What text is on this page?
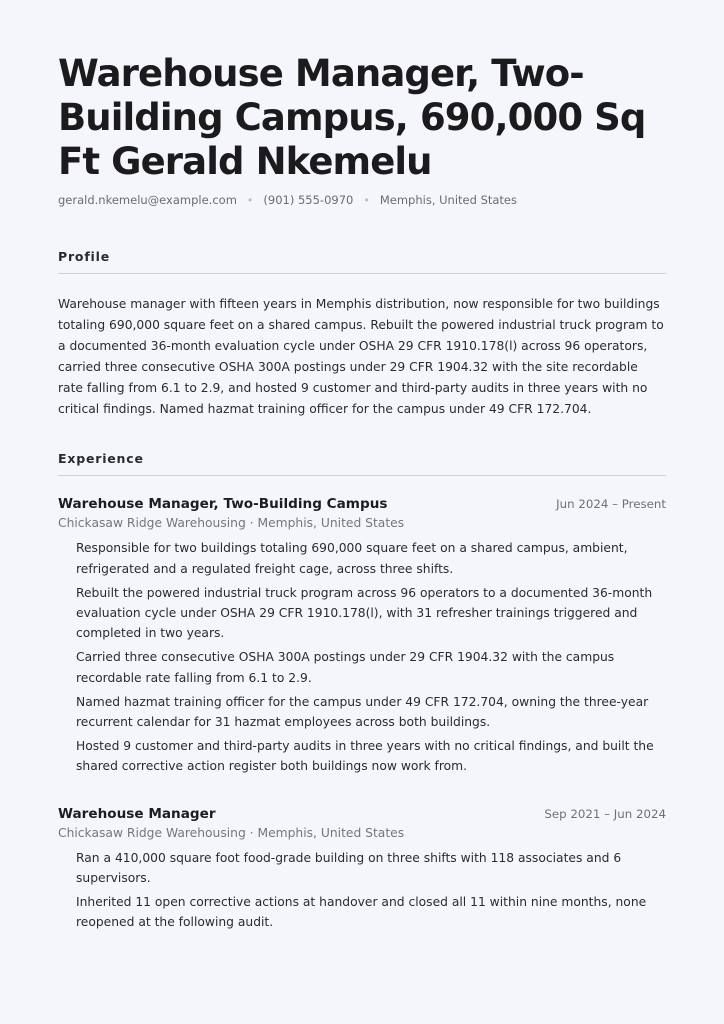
Warehouse Manager, Two-Building Campus, 690,000 Sq Ft Gerald Nkemelu
gerald.nkemelu@example.com • (901) 555-0970 • Memphis, United States
Profile
Warehouse manager with fifteen years in Memphis distribution, now responsible for two buildings totaling 690,000 square feet on a shared campus. Rebuilt the powered industrial truck program to a documented 36-month evaluation cycle under OSHA 29 CFR 1910.178(l) across 96 operators, carried three consecutive OSHA 300A postings under 29 CFR 1904.32 with the site recordable rate falling from 6.1 to 2.9, and hosted 9 customer and third-party audits in three years with no critical findings. Named hazmat training officer for the campus under 49 CFR 172.704.
Experience
Warehouse Manager, Two-Building Campus	Jun 2024 – Present
Chickasaw Ridge Warehousing · Memphis, United States
Responsible for two buildings totaling 690,000 square feet on a shared campus, ambient, refrigerated and a regulated freight cage, across three shifts.
Rebuilt the powered industrial truck program across 96 operators to a documented 36-month evaluation cycle under OSHA 29 CFR 1910.178(l), with 31 refresher trainings triggered and completed in two years.
Carried three consecutive OSHA 300A postings under 29 CFR 1904.32 with the campus recordable rate falling from 6.1 to 2.9.
Named hazmat training officer for the campus under 49 CFR 172.704, owning the three-year recurrent calendar for 31 hazmat employees across both buildings.
Hosted 9 customer and third-party audits in three years with no critical findings, and built the shared corrective action register both buildings now work from.
Warehouse Manager	Sep 2021 – Jun 2024
Chickasaw Ridge Warehousing · Memphis, United States
Ran a 410,000 square foot food-grade building on three shifts with 118 associates and 6 supervisors.
Inherited 11 open corrective actions at handover and closed all 11 within nine months, none reopened at the following audit.
